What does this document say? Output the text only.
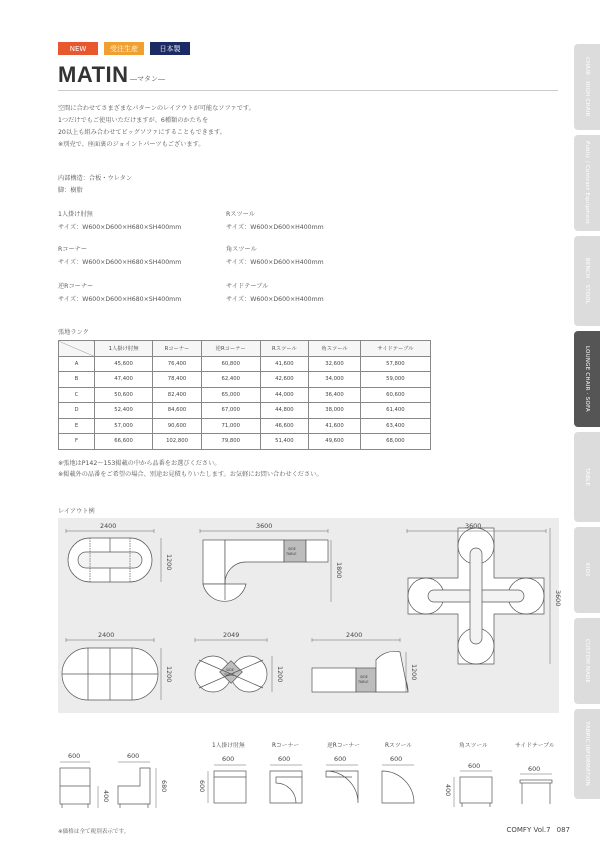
NEW	受注生産	日本製
MATIN ―マタン―
空間に合わせてさまざまなパターンのレイアウトが可能なソファです。
1つだけでもご使用いただけますが、6種類のかたちを
20以上も組み合わせてビッグソファにすることもできます。
※別売で、座面裏のジョイントパーツもございます。
内部構造：合板・ウレタン
脚：樹脂
1人掛け肘無
サイズ：W600×D600×H680×SH400mm
Rスツール
サイズ：W600×D600×H400mm
Rコーナー
サイズ：W600×D600×H680×SH400mm
角スツール
サイズ：W600×D600×H400mm
逆Rコーナー
サイズ：W600×D600×H680×SH400mm
サイドテーブル
サイズ：W600×D600×H400mm
張地ランク
	1人掛け肘無	Rコーナー	逆Rコーナー	Rスツール	角スツール	サイドテーブル
A	45,600	76,400	60,800	41,600	32,600	57,800
B	47,400	78,400	62,400	42,600	34,000	59,000
C	50,600	82,400	65,000	44,000	36,400	60,600
D	52,400	84,600	67,000	44,800	38,000	61,400
E	57,000	90,600	71,000	46,600	41,600	63,400
F	66,600	102,800	79,800	51,400	49,600	68,000
※張地はP142〜153掲載の中から品番をお選びください。
※掲載外の品番をご希望の場合、別途お見積もりいたします。お気軽にお問い合わせください。
レイアウト例
2400
1200
3600
1800
3600
3600
2400
1200
2049
1200
2400
1200
SIDE
TABLE
SIDE
TABLE	SIDE
TABLE
600	600
400
680
1人掛け肘無	Rコーナー	逆Rコーナー	Rスツール	角スツール	サイドテーブル
600
600
600	600	600
600
400
600
※価格は全て税別表示です。	COMFY Vol.7 087
CHAIR · HIGH CHAIR
Public / Contract Equipment
BENCH · STOOL
LOUNGE CHAIR · SOFA
TABLE
KIDS
CUSTOM MADE
FABRIC INFORMATION
